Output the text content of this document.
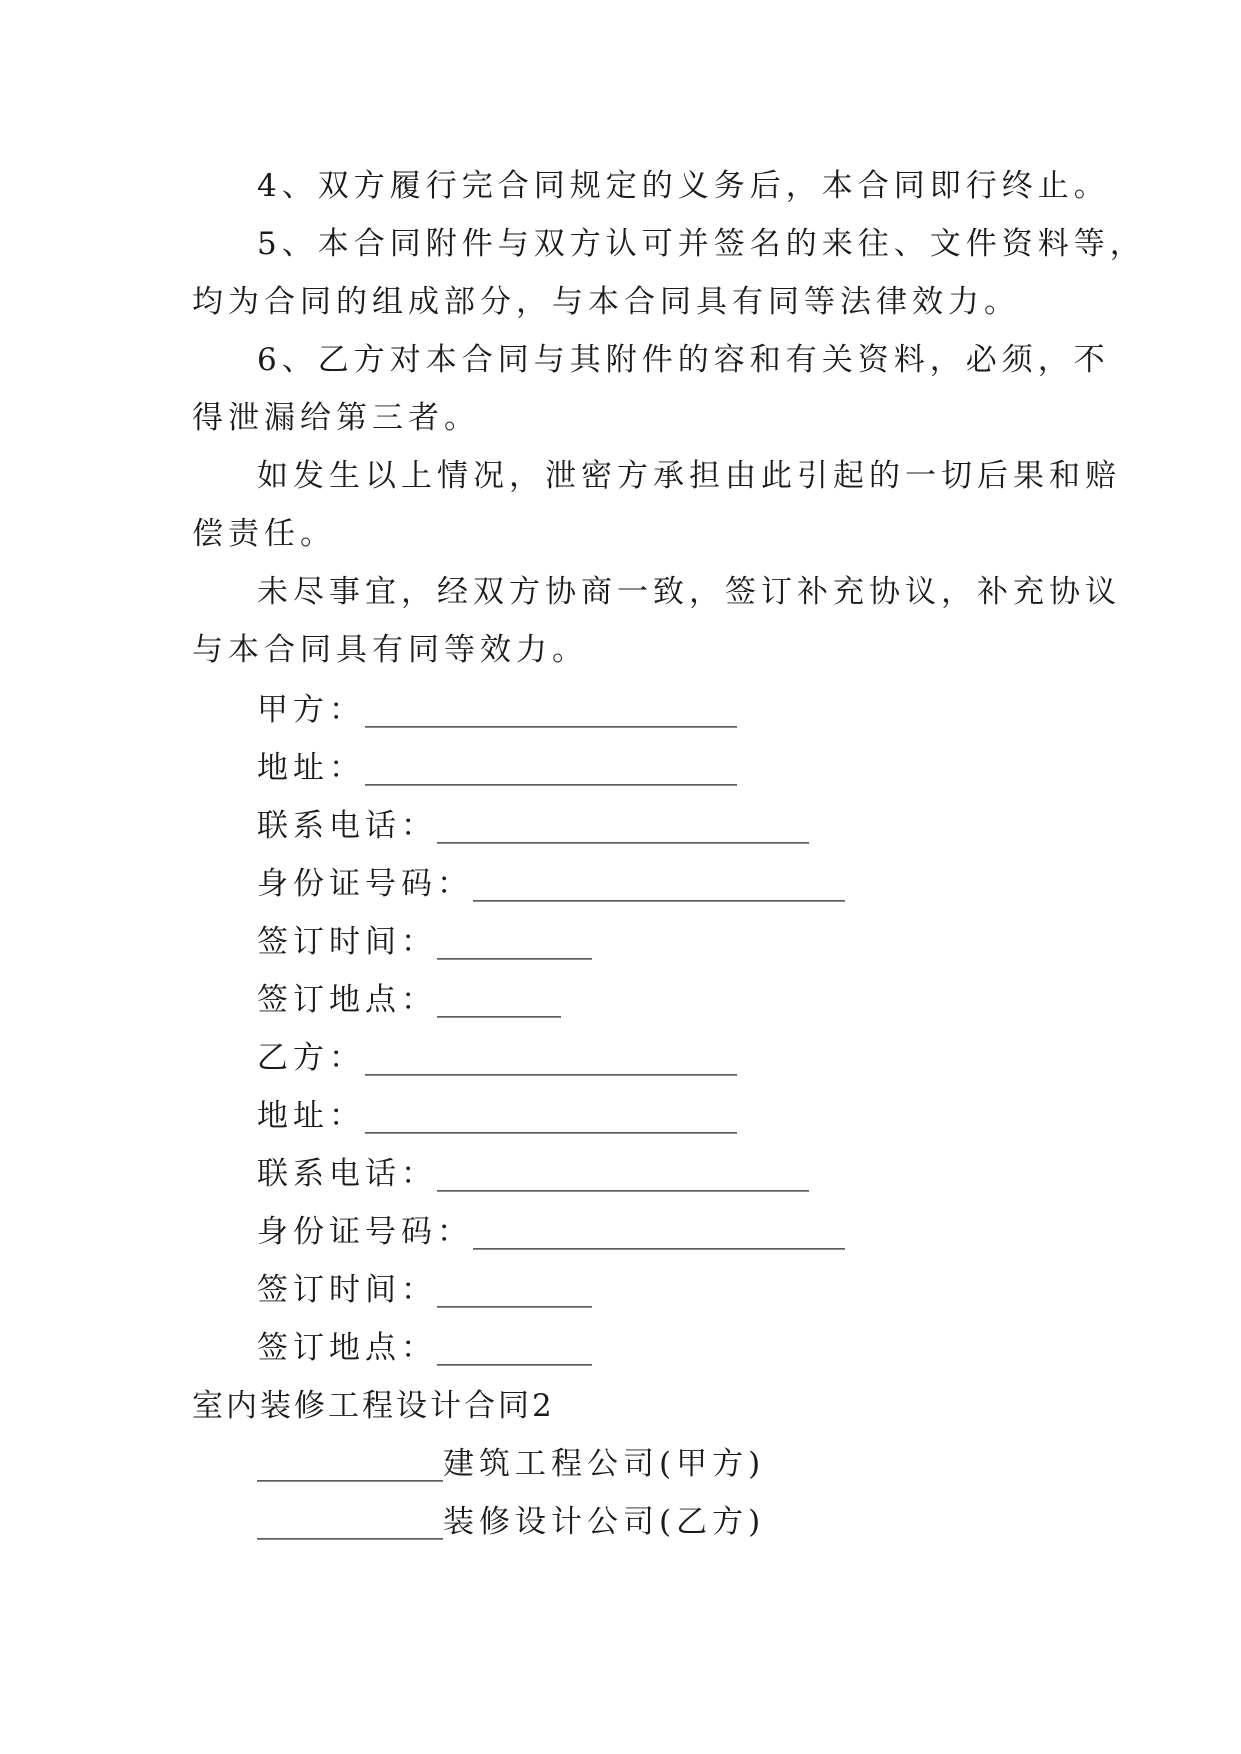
4、双方履行完合同规定的义务后，本合同即行终止。
5、本合同附件与双方认可并签名的来往、文件资料等，
均为合同的组成部分，与本合同具有同等法律效力。
6、乙方对本合同与其附件的容和有关资料，必须，不
得泄漏给第三者。
如发生以上情况，泄密方承担由此引起的一切后果和赔
偿责任。
未尽事宜，经双方协商一致，签订补充协议，补充协议
与本合同具有同等效力。
甲方：________________________
地址：________________________
联系电话：________________________
身份证号码：________________________
签订时间：__________
签订地点：________
乙方：________________________
地址：________________________
联系电话：________________________
身份证号码：________________________
签订时间：__________
签订地点：__________
室内装修工程设计合同2
____________建筑工程公司(甲方)
____________装修设计公司(乙方)
